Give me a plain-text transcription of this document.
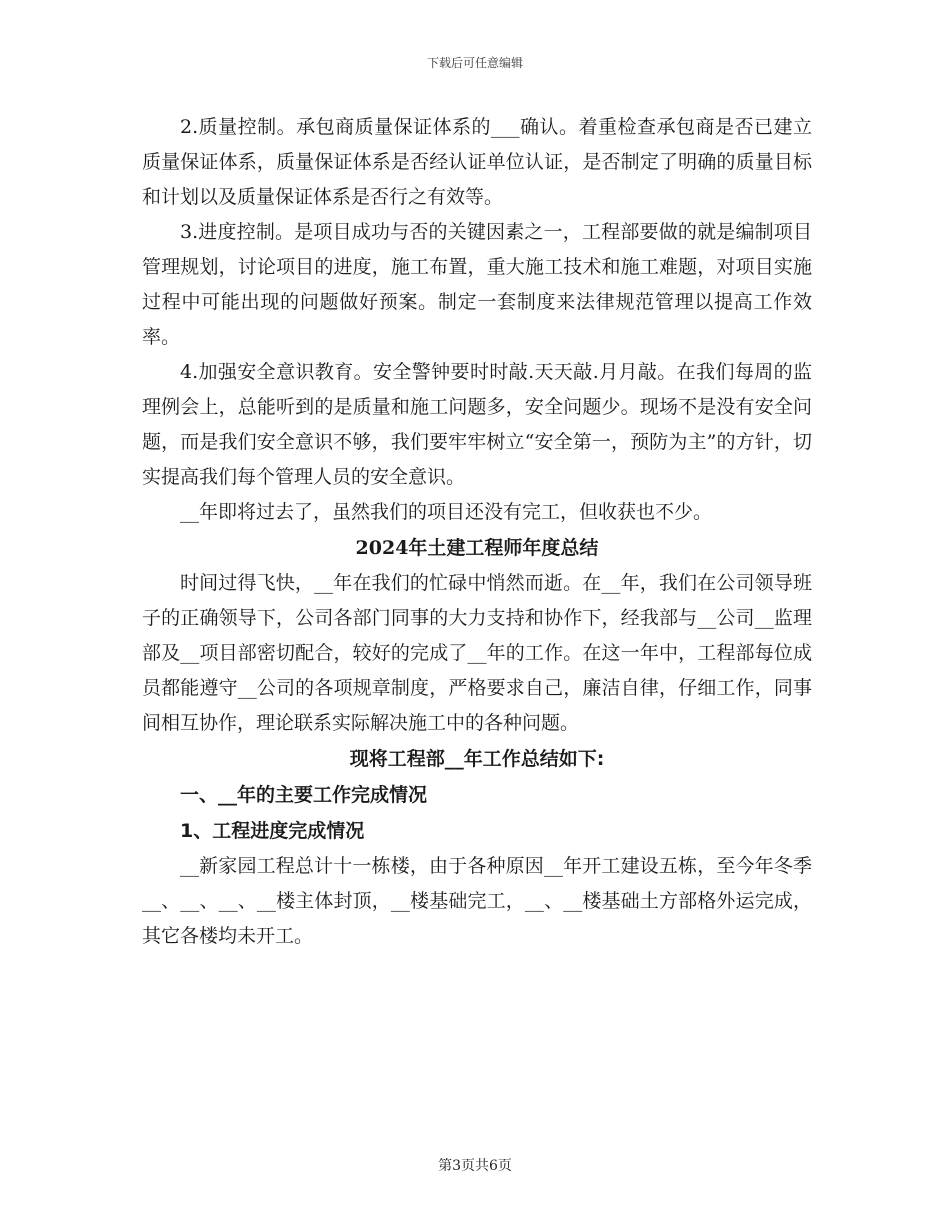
下载后可任意编辑

2.质量控制。承包商质量保证体系的___确认。着重检查承包商是否已建立质量保证体系，质量保证体系是否经认证单位认证，是否制定了明确的质量目标和计划以及质量保证体系是否行之有效等。

3.进度控制。是项目成功与否的关键因素之一，工程部要做的就是编制项目管理规划，讨论项目的进度，施工布置，重大施工技术和施工难题，对项目实施过程中可能出现的问题做好预案。制定一套制度来法律规范管理以提高工作效率。

4.加强安全意识教育。安全警钟要时时敲.天天敲.月月敲。在我们每周的监理例会上，总能听到的是质量和施工问题多，安全问题少。现场不是没有安全问题，而是我们安全意识不够，我们要牢牢树立“安全第一，预防为主”的方针，切实提高我们每个管理人员的安全意识。

__年即将过去了，虽然我们的项目还没有完工，但收获也不少。

2024年土建工程师年度总结

时间过得飞快，__年在我们的忙碌中悄然而逝。在__年，我们在公司领导班子的正确领导下，公司各部门同事的大力支持和协作下，经我部与__公司__监理部及__项目部密切配合，较好的完成了__年的工作。在这一年中，工程部每位成员都能遵守__公司的各项规章制度，严格要求自己，廉洁自律，仔细工作，同事间相互协作，理论联系实际解决施工中的各种问题。

现将工程部__年工作总结如下:

一、__年的主要工作完成情况

1、工程进度完成情况

__新家园工程总计十一栋楼，由于各种原因__年开工建设五栋，至今年冬季__、__、__、__楼主体封顶，__楼基础完工，__、__楼基础土方部格外运完成，其它各楼均未开工。

第3页共6页
